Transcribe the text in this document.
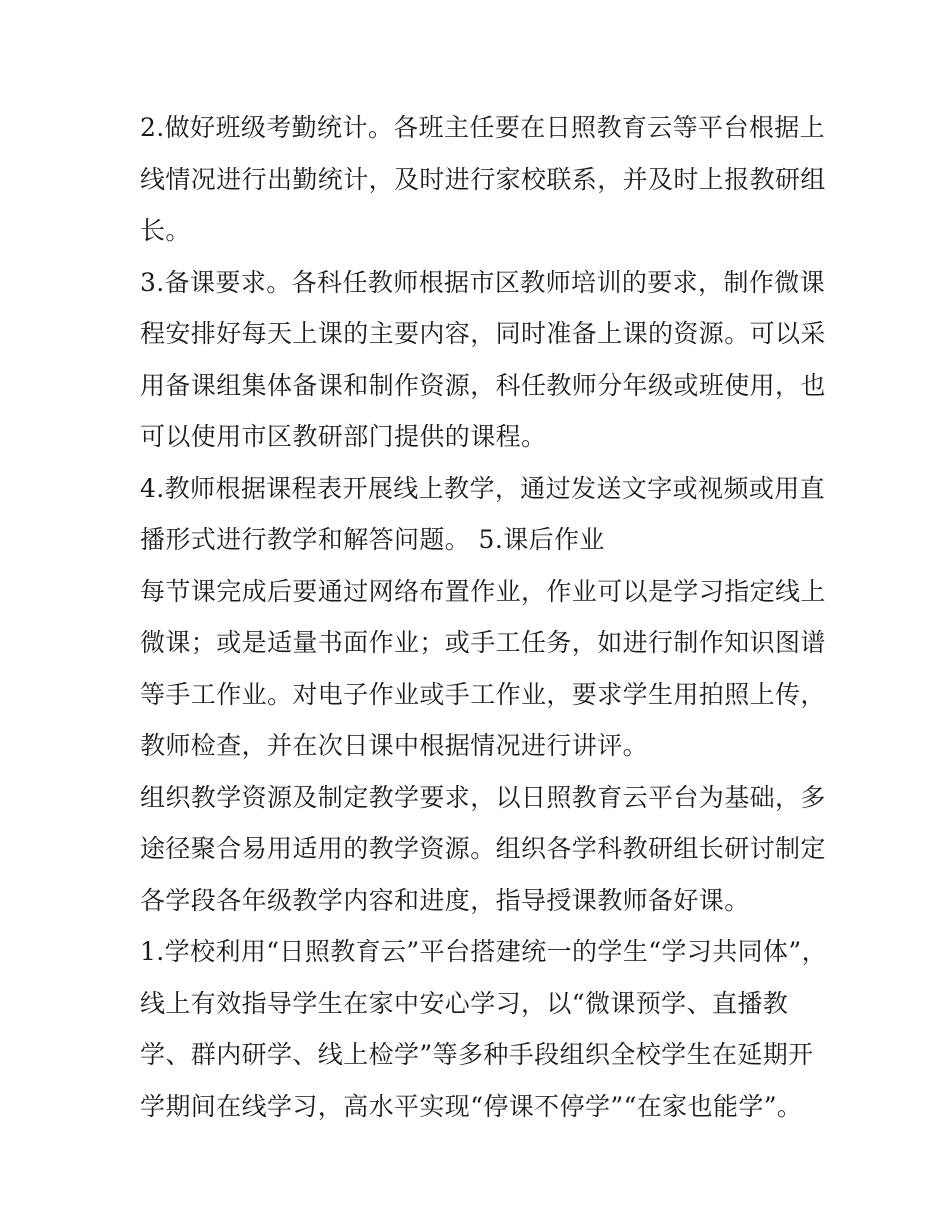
2.做好班级考勤统计。各班主任要在日照教育云等平台根据上
线情况进行出勤统计，及时进行家校联系，并及时上报教研组
长。
3.备课要求。各科任教师根据市区教师培训的要求，制作微课
程安排好每天上课的主要内容，同时准备上课的资源。可以采
用备课组集体备课和制作资源，科任教师分年级或班使用，也
可以使用市区教研部门提供的课程。
4.教师根据课程表开展线上教学，通过发送文字或视频或用直
播形式进行教学和解答问题。 5.课后作业
每节课完成后要通过网络布置作业，作业可以是学习指定线上
微课；或是适量书面作业；或手工任务，如进行制作知识图谱
等手工作业。对电子作业或手工作业，要求学生用拍照上传，
教师检查，并在次日课中根据情况进行讲评。
组织教学资源及制定教学要求，以日照教育云平台为基础，多
途径聚合易用适用的教学资源。组织各学科教研组长研讨制定
各学段各年级教学内容和进度，指导授课教师备好课。
1.学校利用“日照教育云”平台搭建统一的学生“学习共同体”，
线上有效指导学生在家中安心学习，以“微课预学、直播教
学、群内研学、线上检学”等多种手段组织全校学生在延期开
学期间在线学习，高水平实现“停课不停学”“在家也能学”。
